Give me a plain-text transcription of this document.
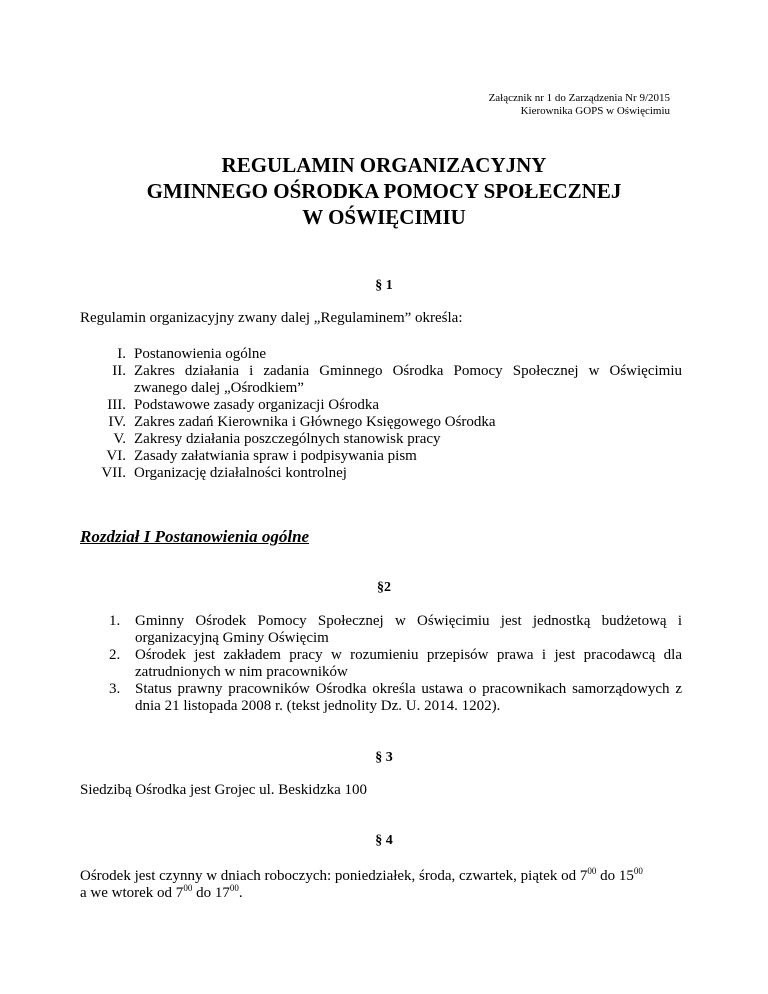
Załącznik nr 1 do Zarządzenia Nr 9/2015
Kierownika GOPS w Oświęcimiu
REGULAMIN ORGANIZACYJNY
GMINNEGO OŚRODKA POMOCY SPOŁECZNEJ
W OŚWIĘCIMIU
§ 1
Regulamin organizacyjny zwany dalej „Regulaminem” określa:
I. Postanowienia ogólne
II. Zakres działania i zadania Gminnego Ośrodka Pomocy Społecznej w Oświęcimiu zwanego dalej „Ośrodkiem”
III. Podstawowe zasady organizacji Ośrodka
IV. Zakres zadań Kierownika i Głównego Księgowego Ośrodka
V. Zakresy działania poszczególnych stanowisk pracy
VI. Zasady załatwiania spraw i podpisywania pism
VII. Organizację działalności kontrolnej
Rozdział I Postanowienia ogólne
§2
1. Gminny Ośrodek Pomocy Społecznej w Oświęcimiu jest jednostką budżetową i organizacyjną Gminy Oświęcim
2. Ośrodek jest zakładem pracy w rozumieniu przepisów prawa i jest pracodawcą dla zatrudnionych w nim pracowników
3. Status prawny pracowników Ośrodka określa ustawa o pracownikach samorządowych z dnia 21 listopada 2008 r. (tekst jednolity Dz. U. 2014. 1202).
§ 3
Siedzibą Ośrodka jest Grojec ul. Beskidzka 100
§ 4
Ośrodek jest czynny w dniach roboczych: poniedziałek, środa, czwartek, piątek od $7^{00}$ do $15^{00}$
a we wtorek od $7^{00}$ do $17^{00}$.
